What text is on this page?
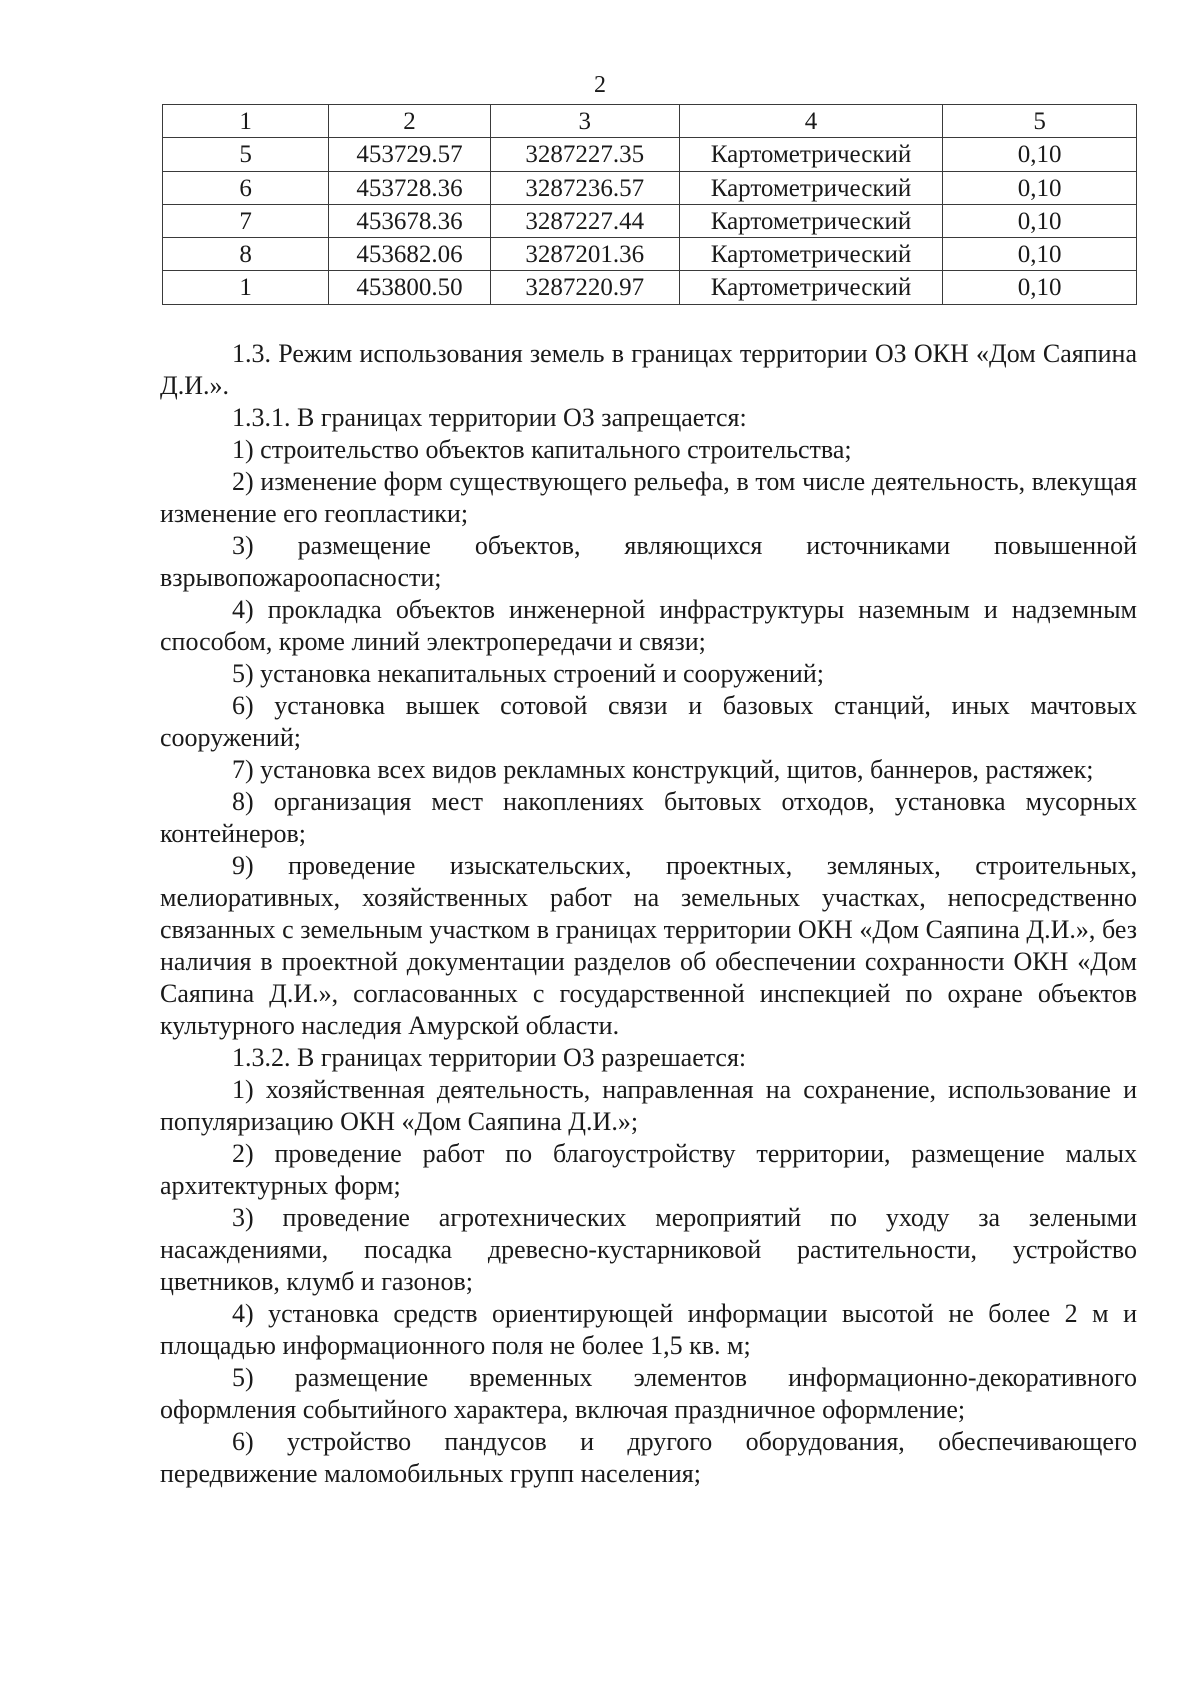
2
1	2	3	4	5
5	453729.57	3287227.35	Картометрический	0,10
6	453728.36	3287236.57	Картометрический	0,10
7	453678.36	3287227.44	Картометрический	0,10
8	453682.06	3287201.36	Картометрический	0,10
1	453800.50	3287220.97	Картометрический	0,10

1.3. Режим использования земель в границах территории ОЗ ОКН «Дом Саяпина Д.И.».

1.3.1. В границах территории ОЗ запрещается:

1) строительство объектов капитального строительства;

2) изменение форм существующего рельефа, в том числе деятельность, влекущая изменение его геопластики;

3) размещение объектов, являющихся источниками повышенной взрывопожароопасности;

4) прокладка объектов инженерной инфраструктуры наземным и надземным способом, кроме линий электропередачи и связи;

5) установка некапитальных строений и сооружений;

6) установка вышек сотовой связи и базовых станций, иных мачтовых сооружений;

7) установка всех видов рекламных конструкций, щитов, баннеров, растяжек;

8) организация мест накоплениях бытовых отходов, установка мусорных контейнеров;

9) проведение изыскательских, проектных, земляных, строительных, мелиоративных, хозяйственных работ на земельных участках, непосредственно связанных с земельным участком в границах территории ОКН «Дом Саяпина Д.И.», без наличия в проектной документации разделов об обеспечении сохранности ОКН «Дом Саяпина Д.И.», согласованных с государственной инспекцией по охране объектов культурного наследия Амурской области.

1.3.2. В границах территории ОЗ разрешается:

1) хозяйственная деятельность, направленная на сохранение, использование и популяризацию ОКН «Дом Саяпина Д.И.»;

2) проведение работ по благоустройству территории, размещение малых архитектурных форм;

3) проведение агротехнических мероприятий по уходу за зелеными насаждениями, посадка древесно-кустарниковой растительности, устройство цветников, клумб и газонов;

4) установка средств ориентирующей информации высотой не более 2 м и площадью информационного поля не более 1,5 кв. м;

5) размещение временных элементов информационно-декоративного оформления событийного характера, включая праздничное оформление;

6) устройство пандусов и другого оборудования, обеспечивающего передвижение маломобильных групп населения;
